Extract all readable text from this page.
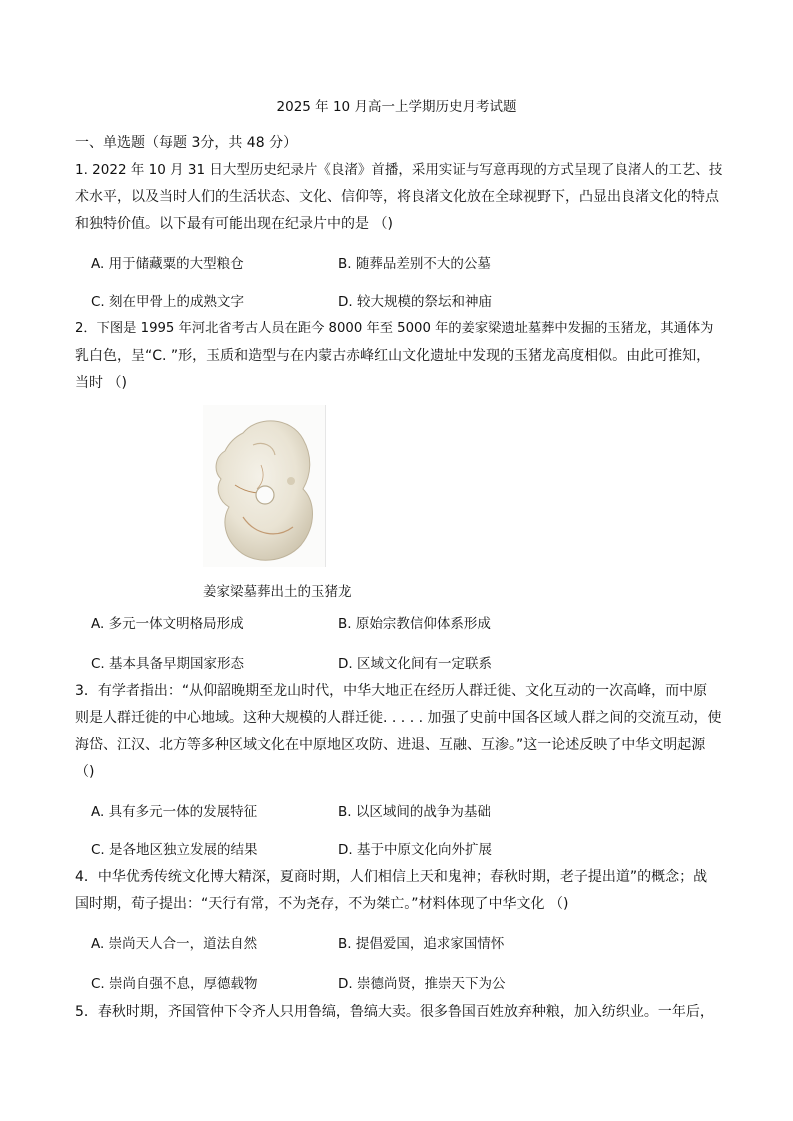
2025 年 10 月高一上学期历史月考试题
一、单选题（每题 3分，共 48 分）
1. 2022 年 10 月 31 日大型历史纪录片《良渚》首播，采用实证与写意再现的方式呈现了良渚人的工艺、技
术水平，以及当时人们的生活状态、文化、信仰等，将良渚文化放在全球视野下，凸显出良渚文化的特点
和独特价值。以下最有可能出现在纪录片中的是 （)
A. 用于储藏粟的大型粮仓	B. 随葬品差别不大的公墓
C. 刻在甲骨上的成熟文字	D. 较大规模的祭坛和神庙
2．下图是 1995 年河北省考古人员在距今 8000 年至 5000 年的姜家梁遗址墓葬中发掘的玉猪龙，其通体为
乳白色，呈“C. ”形，玉质和造型与在内蒙古赤峰红山文化遗址中发现的玉猪龙高度相似。由此可推知，
当时 （)
姜家梁墓葬出土的玉猪龙
A. 多元一体文明格局形成	B. 原始宗教信仰体系形成
C. 基本具备早期国家形态	D. 区域文化间有一定联系
3．有学者指出：“从仰韶晚期至龙山时代，中华大地正在经历人群迁徙、文化互动的一次高峰，而中原
则是人群迁徙的中心地域。这种大规模的人群迁徙. . . . . 加强了史前中国各区域人群之间的交流互动，使
海岱、江汉、北方等多种区域文化在中原地区攻防、进退、互融、互渗。”这一论述反映了中华文明起源
（)
A. 具有多元一体的发展特征	B. 以区域间的战争为基础
C. 是各地区独立发展的结果	D. 基于中原文化向外扩展
4．中华优秀传统文化博大精深，夏商时期，人们相信上天和鬼神；春秋时期，老子提出道”的概念；战
国时期，荀子提出：“天行有常，不为尧存，不为桀亡。”材料体现了中华文化 （)
A. 崇尚天人合一，道法自然	B. 提倡爱国，追求家国情怀
C. 崇尚自强不息，厚德载物	D. 崇德尚贤，推崇天下为公
5．春秋时期，齐国管仲下令齐人只用鲁缟，鲁缟大卖。很多鲁国百姓放弃种粮，加入纺织业。一年后，
